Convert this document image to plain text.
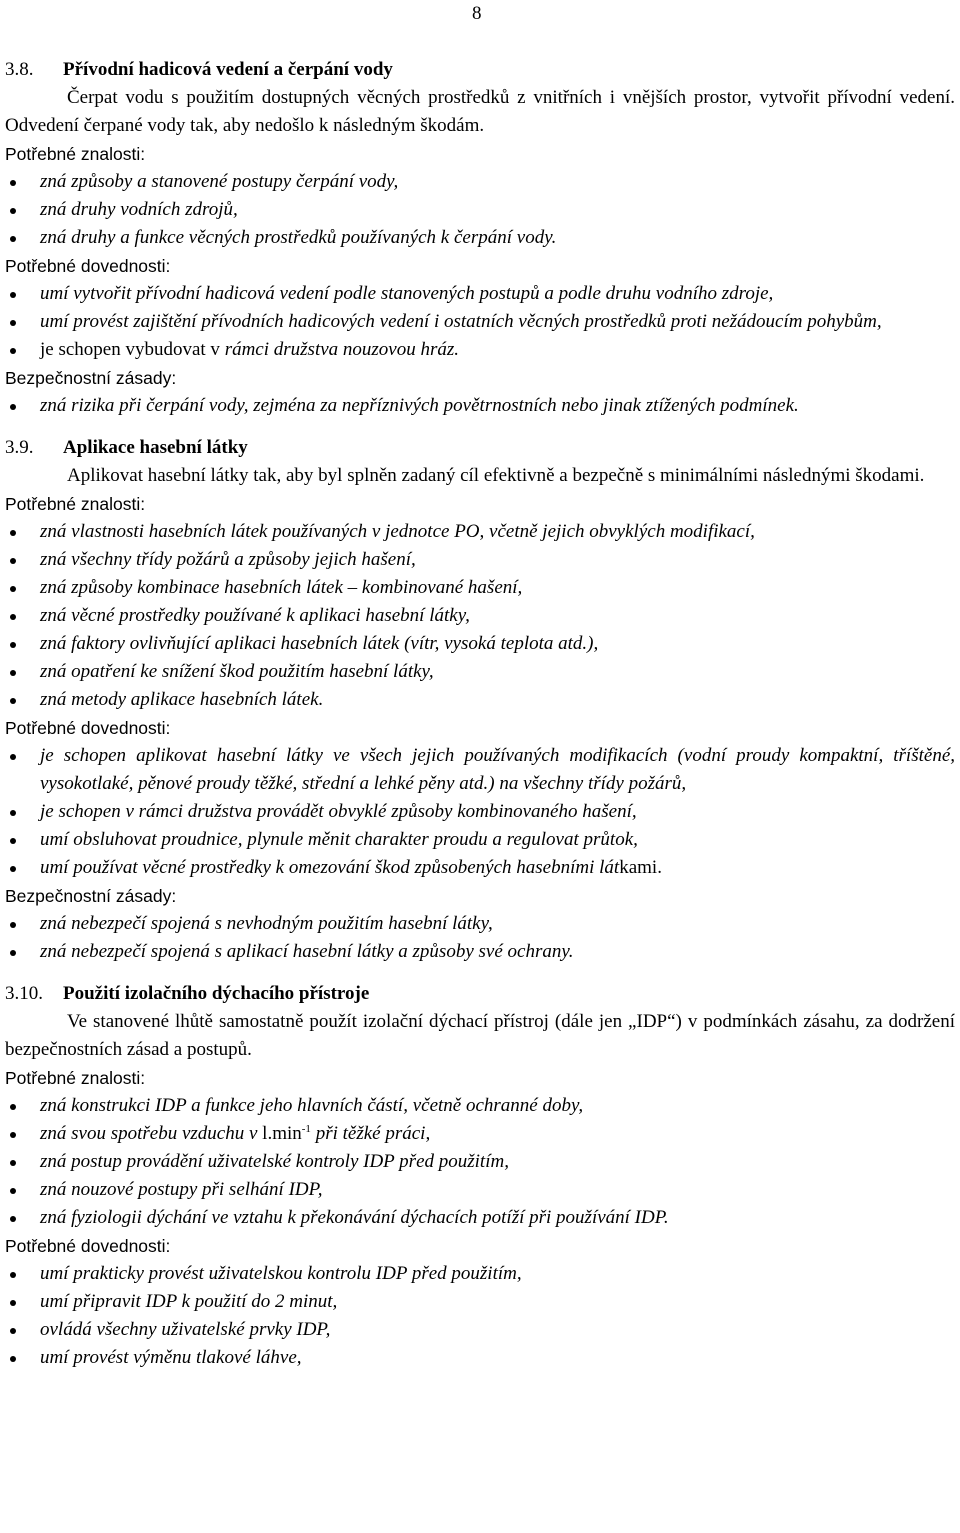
8
3.8.	Přívodní hadicová vedení a čerpání vody

Čerpat vodu s použitím dostupných věcných prostředků z vnitřních i vnějších prostor, vytvořit přívodní vedení. Odvedení čerpané vody tak, aby nedošlo k následným škodám.

Potřebné znalosti:
zná způsoby a stanovené postupy čerpání vody,
zná druhy vodních zdrojů,
zná druhy a funkce věcných prostředků používaných k čerpání vody.
Potřebné dovednosti:
umí vytvořit přívodní hadicová vedení podle stanovených postupů a podle druhu vodního zdroje,
umí provést zajištění přívodních hadicových vedení i ostatních věcných prostředků proti nežádoucím pohybům,
je schopen vybudovat v rámci družstva nouzovou hráz.
Bezpečnostní zásady:
zná rizika při čerpání vody, zejména za nepříznivých povětrnostních nebo jinak ztížených podmínek.
3.9.	Aplikace hasební látky

Aplikovat hasební látky tak, aby byl splněn zadaný cíl efektivně a bezpečně s minimálními následnými škodami.

Potřebné znalosti:
zná vlastnosti hasebních látek používaných v jednotce PO, včetně jejich obvyklých modifikací,
zná všechny třídy požárů a způsoby jejich hašení,
zná způsoby kombinace hasebních látek – kombinované hašení,
zná věcné prostředky používané k aplikaci hasební látky,
zná faktory ovlivňující aplikaci hasebních látek (vítr, vysoká teplota atd.),
zná opatření ke snížení škod použitím hasební látky,
zná metody aplikace hasebních látek.
Potřebné dovednosti:
je schopen aplikovat hasební látky ve všech jejich používaných modifikacích (vodní proudy kompaktní, tříštěné, vysokotlaké, pěnové proudy těžké, střední a lehké pěny atd.) na všechny třídy požárů,
je schopen v rámci družstva provádět obvyklé způsoby kombinovaného hašení,
umí obsluhovat proudnice, plynule měnit charakter proudu a regulovat průtok,
umí používat věcné prostředky k omezování škod způsobených hasebními látkami.
Bezpečnostní zásady:
zná nebezpečí spojená s nevhodným použitím hasební látky,
zná nebezpečí spojená s aplikací hasební látky a způsoby své ochrany.
3.10.	Použití izolačního dýchacího přístroje

Ve stanovené lhůtě samostatně použít izolační dýchací přístroj (dále jen „IDP“) v podmínkách zásahu, za dodržení bezpečnostních zásad a postupů.

Potřebné znalosti:
zná konstrukci IDP a funkce jeho hlavních částí, včetně ochranné doby,
zná svou spotřebu vzduchu v $l.\min^{-1}$ při těžké práci,
zná postup provádění uživatelské kontroly IDP před použitím,
zná nouzové postupy při selhání IDP,
zná fyziologii dýchání ve vztahu k překonávání dýchacích potíží při používání IDP.
Potřebné dovednosti:
umí prakticky provést uživatelskou kontrolu IDP před použitím,
umí připravit IDP k použití do 2 minut,
ovládá všechny uživatelské prvky IDP,
umí provést výměnu tlakové láhve,
